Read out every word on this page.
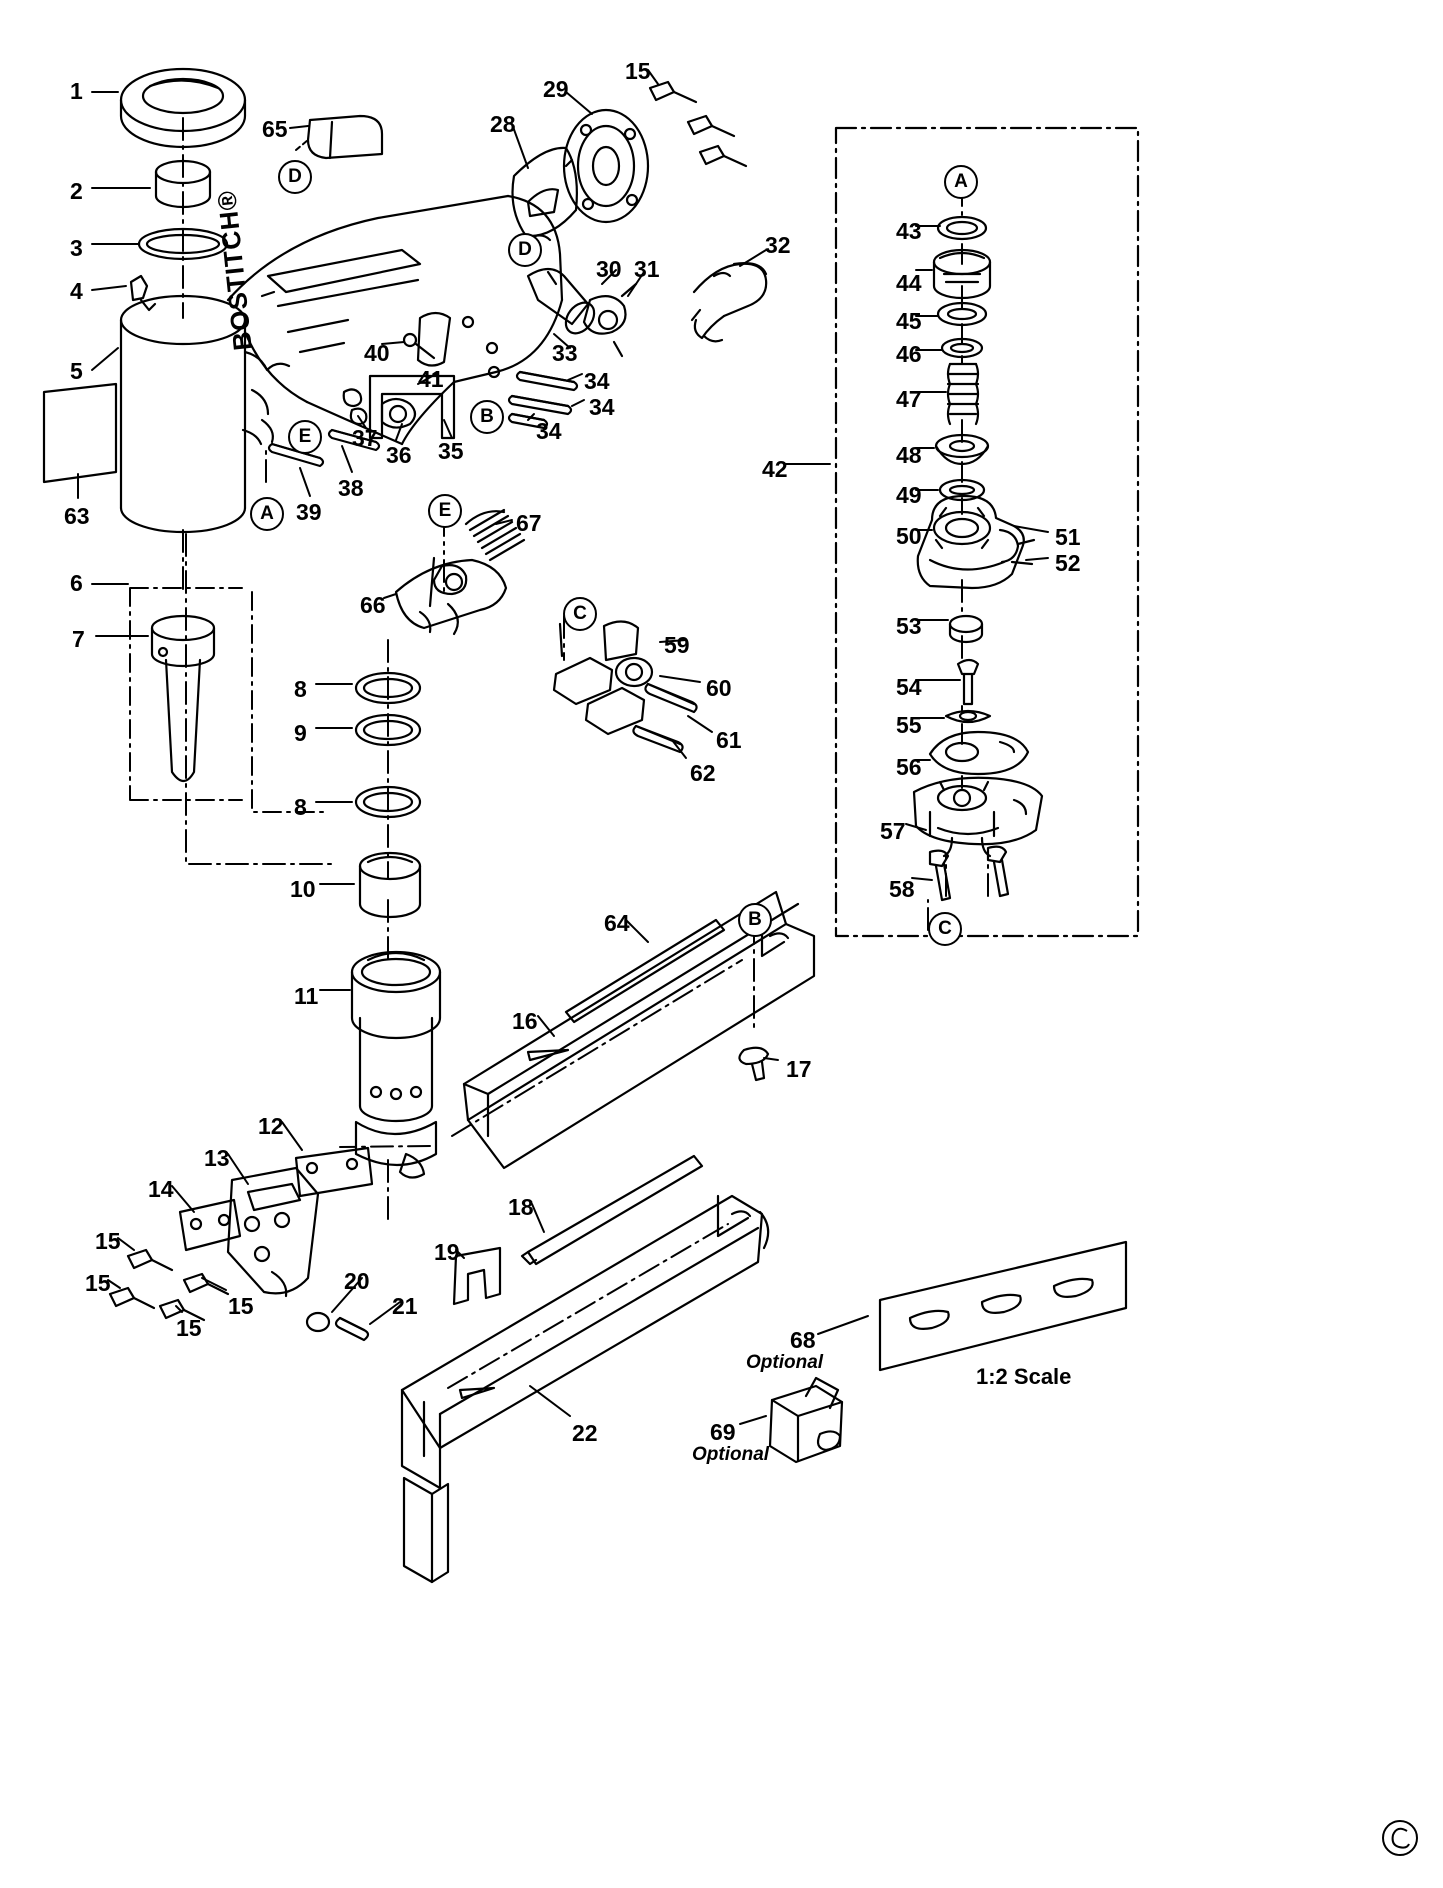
BOSTITCH®
1:2 Scale
Optional
Optional
D
D
B
E
A	E
C
B
A
C
1
2
3
4
5
63
6
7
65	28
29
15
30 31
32
33
34
34
34
40
41
35
36
37
38
39
42
43
44
45
46
47
48
49
50	51
52
53
54
55
56
57
58
66
67
59
60
61
62
8
9
8
10
11
64
16
17
12
13
14
15
15
15
15
18
19
20
21
22
68
69
